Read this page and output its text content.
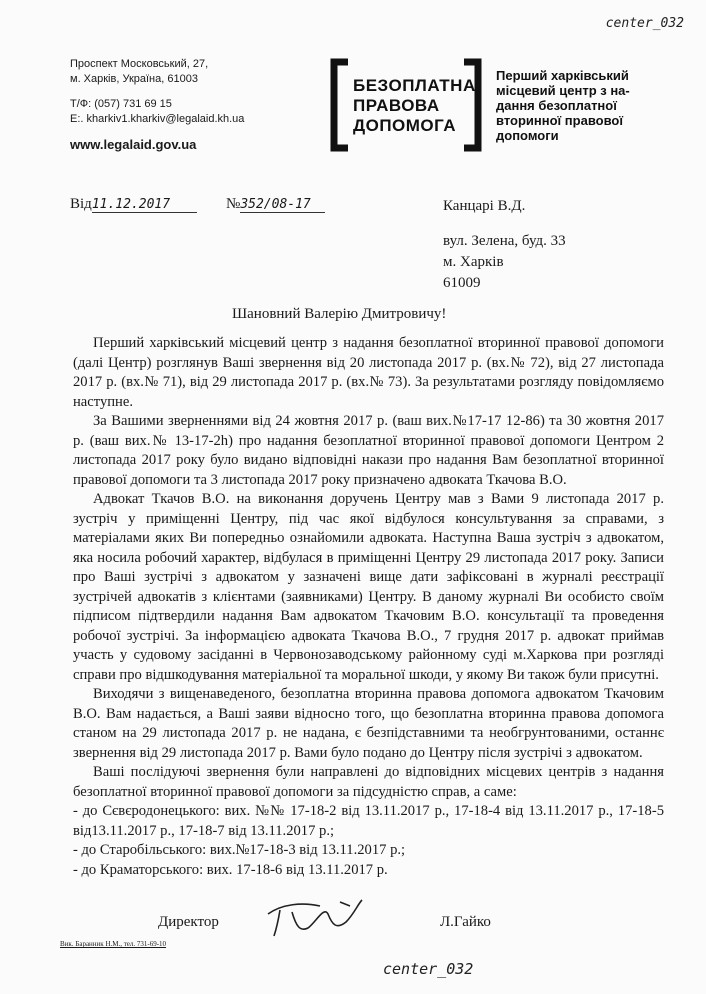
center_032
Проспект Московський, 27,
м. Харків, Україна, 61003
Т/Ф: (057) 731 69 15
E:. kharkiv1.kharkiv@legalaid.kh.ua
www.legalaid.gov.ua
БЕЗОПЛАТНА
ПРАВОВА
ДОПОМОГА
Перший харківський
місцевий центр з на-
дання безоплатної
вторинної правової
допомоги
Від11.12.2017	№352/08-17	Канцарі В.Д.
вул. Зелена, буд. 33
м. Харків
61009
Шановний Валерію Дмитровичу!

Перший харківський місцевий центр з надання безоплатної вторинної правової допомоги (далі Центр) розглянув Ваші звернення від 20 листопада 2017 р. (вх.№ 72), від 27 листопада 2017 р. (вх.№ 71), від 29 листопада 2017 р. (вх.№ 73). За результатами розгляду повідомляємо наступне.

За Вашими зверненнями від 24 жовтня 2017 р. (ваш вих.№17-17 12-86) та 30 жовтня 2017 р. (ваш вих.№ 13-17-2h) про надання безоплатної вторинної правової допомоги Центром 2 листопада 2017 року було видано відповідні накази про надання Вам безоплатної вторинної правової допомоги та 3 листопада 2017 року призначено адвоката Ткачова В.О.

Адвокат Ткачов В.О. на виконання доручень Центру мав з Вами 9 листопада 2017 р. зустріч у приміщенні Центру, під час якої відбулося консультування за справами, з матеріалами яких Ви попередньо ознайомили адвоката. Наступна Ваша зустріч з адвокатом, яка носила робочий характер, відбулася в приміщенні Центру 29 листопада 2017 року. Записи про Ваші зустрічі з адвокатом у зазначені вище дати зафіксовані в журналі реєстрації зустрічей адвокатів з клієнтами (заявниками) Центру. В даному журналі Ви особисто своїм підписом підтвердили надання Вам адвокатом Ткачовим В.О. консультації та проведення робочої зустрічі. За інформацією адвоката Ткачова В.О., 7 грудня 2017 р. адвокат приймав участь у судовому засіданні в Червонозаводському районному суді м.Харкова при розгляді справи про відшкодування матеріальної та моральної шкоди, у якому Ви також були присутні.

Виходячи з вищенаведеного, безоплатна вторинна правова допомога адвокатом Ткачовим В.О. Вам надається, а Ваші заяви відносно того, що безоплатна вторинна правова допомога станом на 29 листопада 2017 р. не надана, є безпідставними та необгрунтованими, останнє звернення від 29 листопада 2017 р. Вами було подано до Центру після зустрічі з адвокатом.

Ваші послідуючі звернення були направлені до відповідних місцевих центрів з надання безоплатної вторинної правової допомоги за підсудністю справ, а саме:

- до Сєвєродонецького: вих. №№ 17-18-2 від 13.11.2017 р., 17-18-4 від 13.11.2017 р., 17-18-5 від13.11.2017 р., 17-18-7 від 13.11.2017 р.;

- до Старобільського: вих.№17-18-3 від 13.11.2017 р.;

- до Краматорського: вих. 17-18-6 від 13.11.2017 р.

Директор	Л.Гайко
Вик. Баранник Н.М., тел. 731-69-10
center_032
